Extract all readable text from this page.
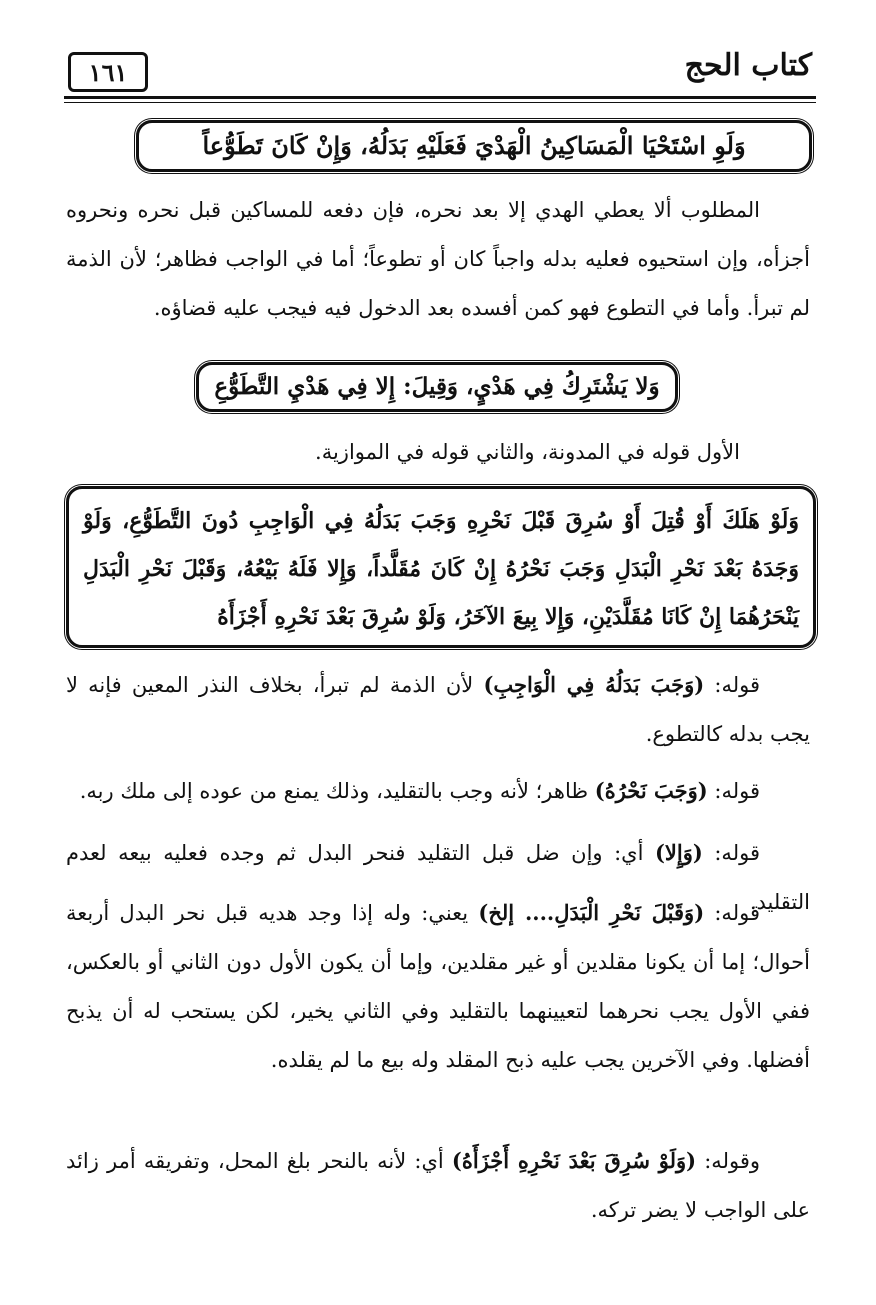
كتاب الحج
١٦١
وَلَوِ اسْتَحْيَا الْمَسَاكِينُ الْهَدْيَ فَعَلَيْهِ بَدَلُهُ، وَإِنْ كَانَ تَطَوُّعاً
المطلوب ألا يعطي الهدي إلا بعد نحره، فإن دفعه للمساكين قبل نحره ونحروه أجزأه، وإن استحيوه فعليه بدله واجباً كان أو تطوعاً؛ أما في الواجب فظاهر؛ لأن الذمة لم تبرأ. وأما في التطوع فهو كمن أفسده بعد الدخول فيه فيجب عليه قضاؤه.
وَلا يَشْتَرِكُ فِي هَدْيٍ، وَقِيلَ: إِلا فِي هَدْيِ التَّطَوُّعِ
الأول قوله في المدونة، والثاني قوله في الموازية.
وَلَوْ هَلَكَ أَوْ قُتِلَ أَوْ سُرِقَ قَبْلَ نَحْرِهِ وَجَبَ بَدَلُهُ فِي الْوَاجِبِ دُونَ التَّطَوُّعِ، وَلَوْ وَجَدَهُ بَعْدَ نَحْرِ الْبَدَلِ وَجَبَ نَحْرُهُ إِنْ كَانَ مُقَلَّداً، وَإِلا فَلَهُ بَيْعُهُ، وَقَبْلَ نَحْرِ الْبَدَلِ يَنْحَرُهُمَا إِنْ كَانَا مُقَلَّدَيْنِ، وَإِلا بِيعَ الآخَرُ، وَلَوْ سُرِقَ بَعْدَ نَحْرِهِ أَجْزَأَهُ
قوله: (وَجَبَ بَدَلُهُ فِي الْوَاجِبِ) لأن الذمة لم تبرأ، بخلاف النذر المعين فإنه لا يجب بدله كالتطوع.
قوله: (وَجَبَ نَحْرُهُ) ظاهر؛ لأنه وجب بالتقليد، وذلك يمنع من عوده إلى ملك ربه.
قوله: (وَإِلا) أي: وإن ضل قبل التقليد فنحر البدل ثم وجده فعليه بيعه لعدم التقليد.
قوله: (وَقَبْلَ نَحْرِ الْبَدَلِ.... إلخ) يعني: وله إذا وجد هديه قبل نحر البدل أربعة أحوال؛ إما أن يكونا مقلدين أو غير مقلدين، وإما أن يكون الأول دون الثاني أو بالعكس، ففي الأول يجب نحرهما لتعيينهما بالتقليد وفي الثاني يخير، لكن يستحب له أن يذبح أفضلها. وفي الآخرين يجب عليه ذبح المقلد وله بيع ما لم يقلده.
وقوله: (وَلَوْ سُرِقَ بَعْدَ نَحْرِهِ أَجْزَأَهُ) أي: لأنه بالنحر بلغ المحل، وتفريقه أمر زائد على الواجب لا يضر تركه.
